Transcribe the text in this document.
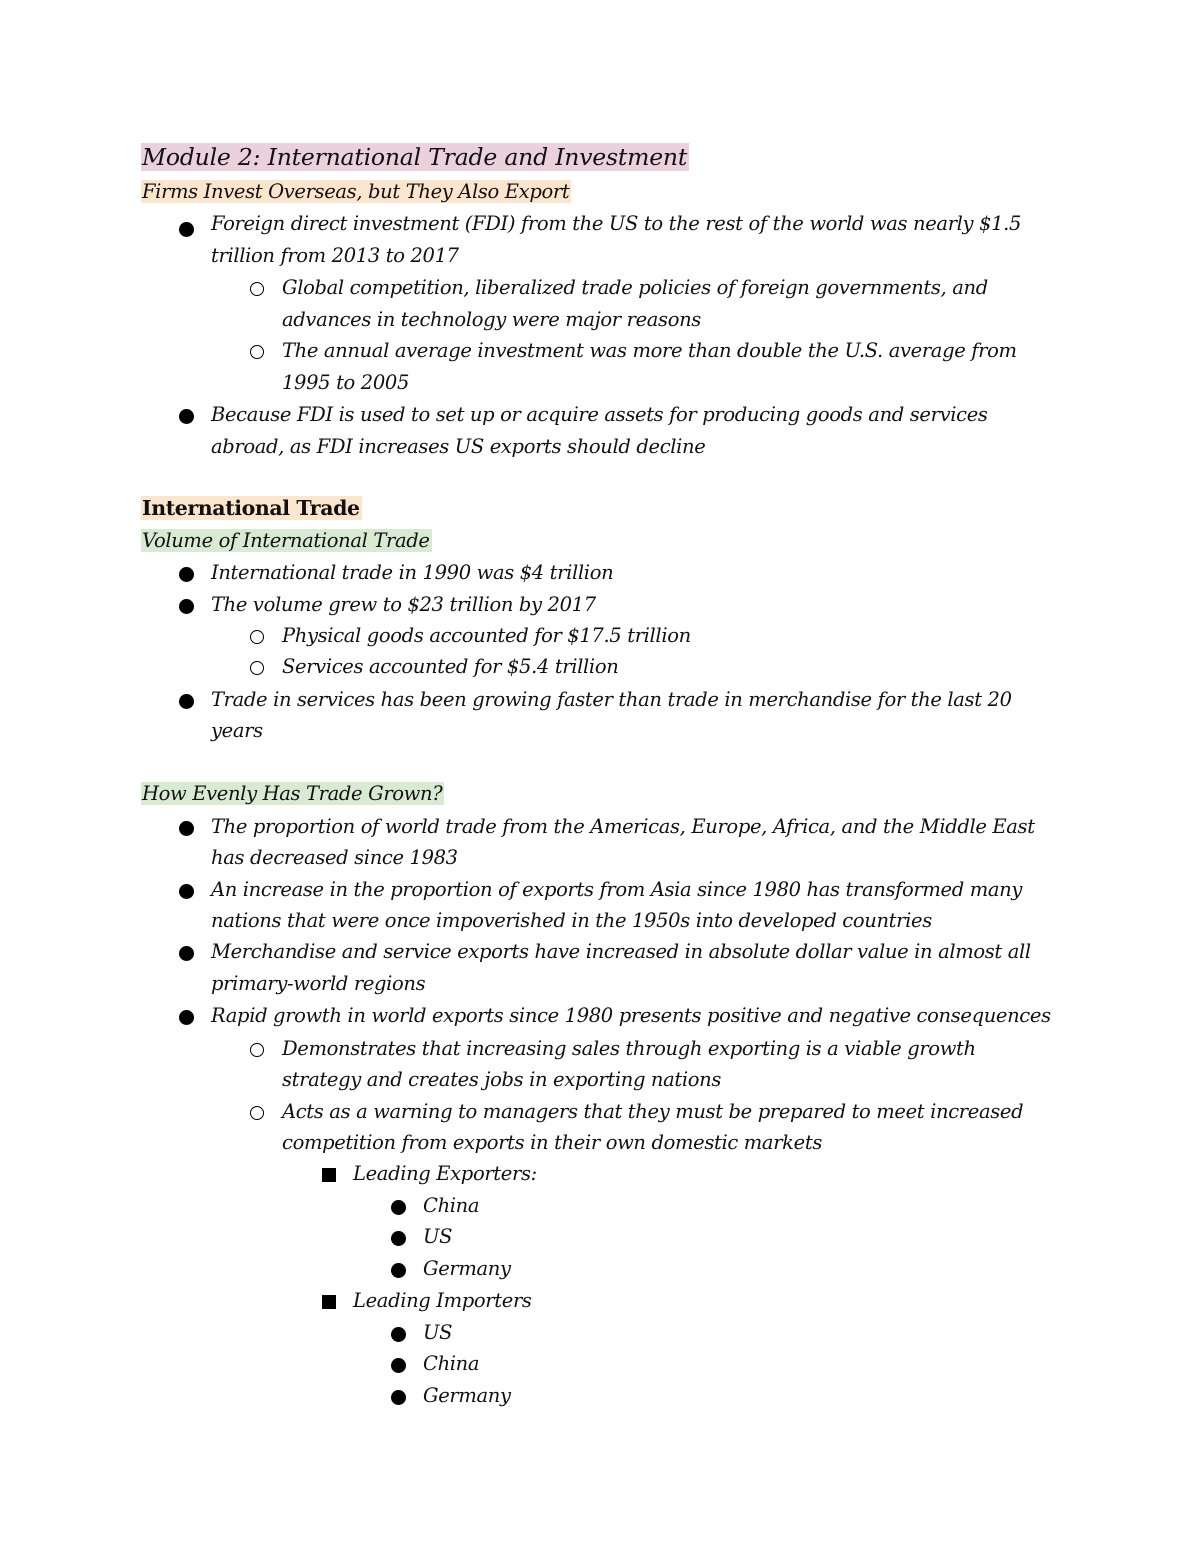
Module 2: International Trade and Investment
Firms Invest Overseas, but They Also Export
Foreign direct investment (FDI) from the US to the rest of the world was nearly $1.5
trillion from 2013 to 2017
Global competition, liberalized trade policies of foreign governments, and
advances in technology were major reasons
The annual average investment was more than double the U.S. average from
1995 to 2005
Because FDI is used to set up or acquire assets for producing goods and services
abroad, as FDI increases US exports should decline
International Trade
Volume of International Trade
International trade in 1990 was $4 trillion
The volume grew to $23 trillion by 2017
Physical goods accounted for $17.5 trillion
Services accounted for $5.4 trillion
Trade in services has been growing faster than trade in merchandise for the last 20
years
How Evenly Has Trade Grown?
The proportion of world trade from the Americas, Europe, Africa, and the Middle East
has decreased since 1983
An increase in the proportion of exports from Asia since 1980 has transformed many
nations that were once impoverished in the 1950s into developed countries
Merchandise and service exports have increased in absolute dollar value in almost all
primary-world regions
Rapid growth in world exports since 1980 presents positive and negative consequences
Demonstrates that increasing sales through exporting is a viable growth
strategy and creates jobs in exporting nations
Acts as a warning to managers that they must be prepared to meet increased
competition from exports in their own domestic markets
Leading Exporters:
China
US
Germany
Leading Importers
US
China
Germany
